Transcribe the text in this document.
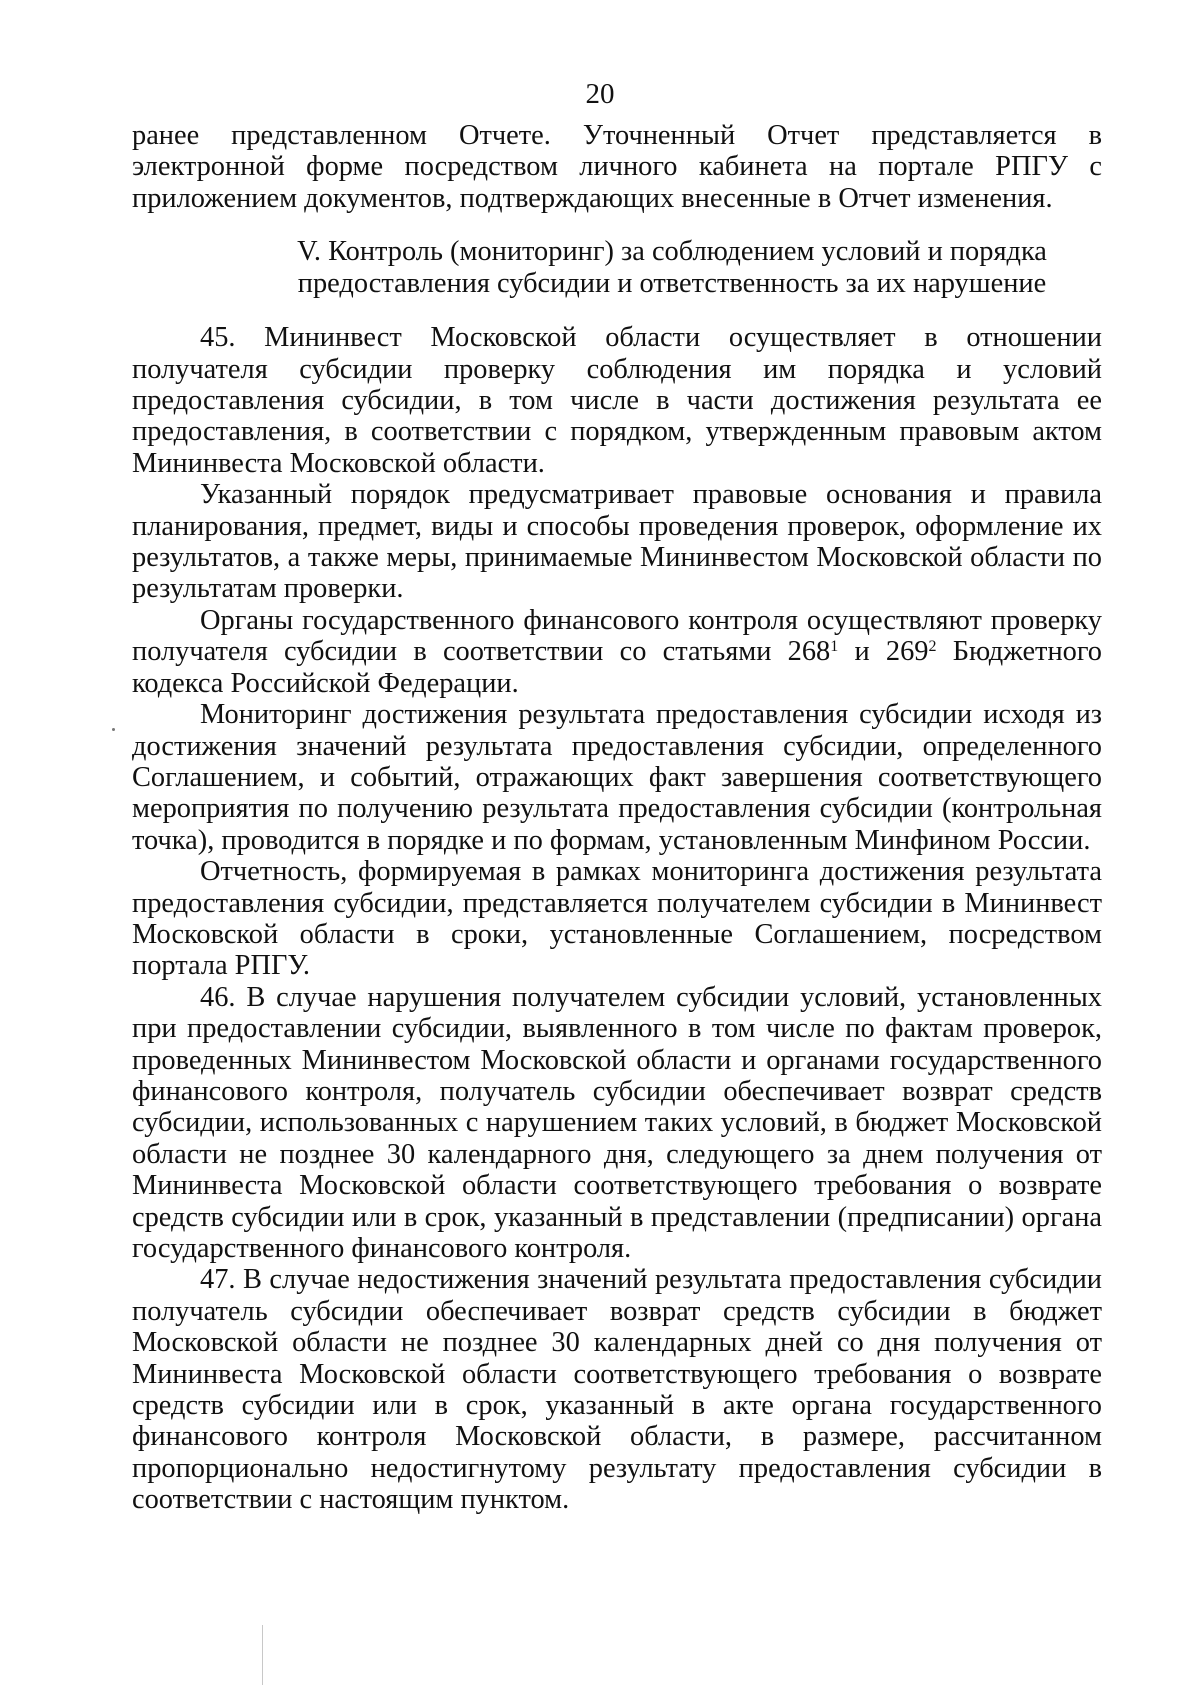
20

ранее представленном Отчете. Уточненный Отчет представляется в электронной форме посредством личного кабинета на портале РПГУ с приложением документов, подтверждающих внесенные в Отчет изменения.

V. Контроль (мониторинг) за соблюдением условий и порядка
предоставления субсидии и ответственность за их нарушение

45. Мининвест Московской области осуществляет в отношении получателя субсидии проверку соблюдения им порядка и условий предоставления субсидии, в том числе в части достижения результата ее предоставления, в соответствии с порядком, утвержденным правовым актом Мининвеста Московской области.

Указанный порядок предусматривает правовые основания и правила планирования, предмет, виды и способы проведения проверок, оформление их результатов, а также меры, принимаемые Мининвестом Московской области по результатам проверки.

Органы государственного финансового контроля осуществляют проверку получателя субсидии в соответствии со статьями $268^1$ и $269^2$ Бюджетного кодекса Российской Федерации.

Мониторинг достижения результата предоставления субсидии исходя из достижения значений результата предоставления субсидии, определенного Соглашением, и событий, отражающих факт завершения соответствующего мероприятия по получению результата предоставления субсидии (контрольная точка), проводится в порядке и по формам, установленным Минфином России.

Отчетность, формируемая в рамках мониторинга достижения результата предоставления субсидии, представляется получателем субсидии в Мининвест Московской области в сроки, установленные Соглашением, посредством портала РПГУ.

46. В случае нарушения получателем субсидии условий, установленных при предоставлении субсидии, выявленного в том числе по фактам проверок, проведенных Мининвестом Московской области и органами государственного финансового контроля, получатель субсидии обеспечивает возврат средств субсидии, использованных с нарушением таких условий, в бюджет Московской области не позднее 30 календарного дня, следующего за днем получения от Мининвеста Московской области соответствующего требования о возврате средств субсидии или в срок, указанный в представлении (предписании) органа государственного финансового контроля.

47. В случае недостижения значений результата предоставления субсидии получатель субсидии обеспечивает возврат средств субсидии в бюджет Московской области не позднее 30 календарных дней со дня получения от Мининвеста Московской области соответствующего требования о возврате средств субсидии или в срок, указанный в акте органа государственного финансового контроля Московской области, в размере, рассчитанном пропорционально недостигнутому результату предоставления субсидии в соответствии с настоящим пунктом.
